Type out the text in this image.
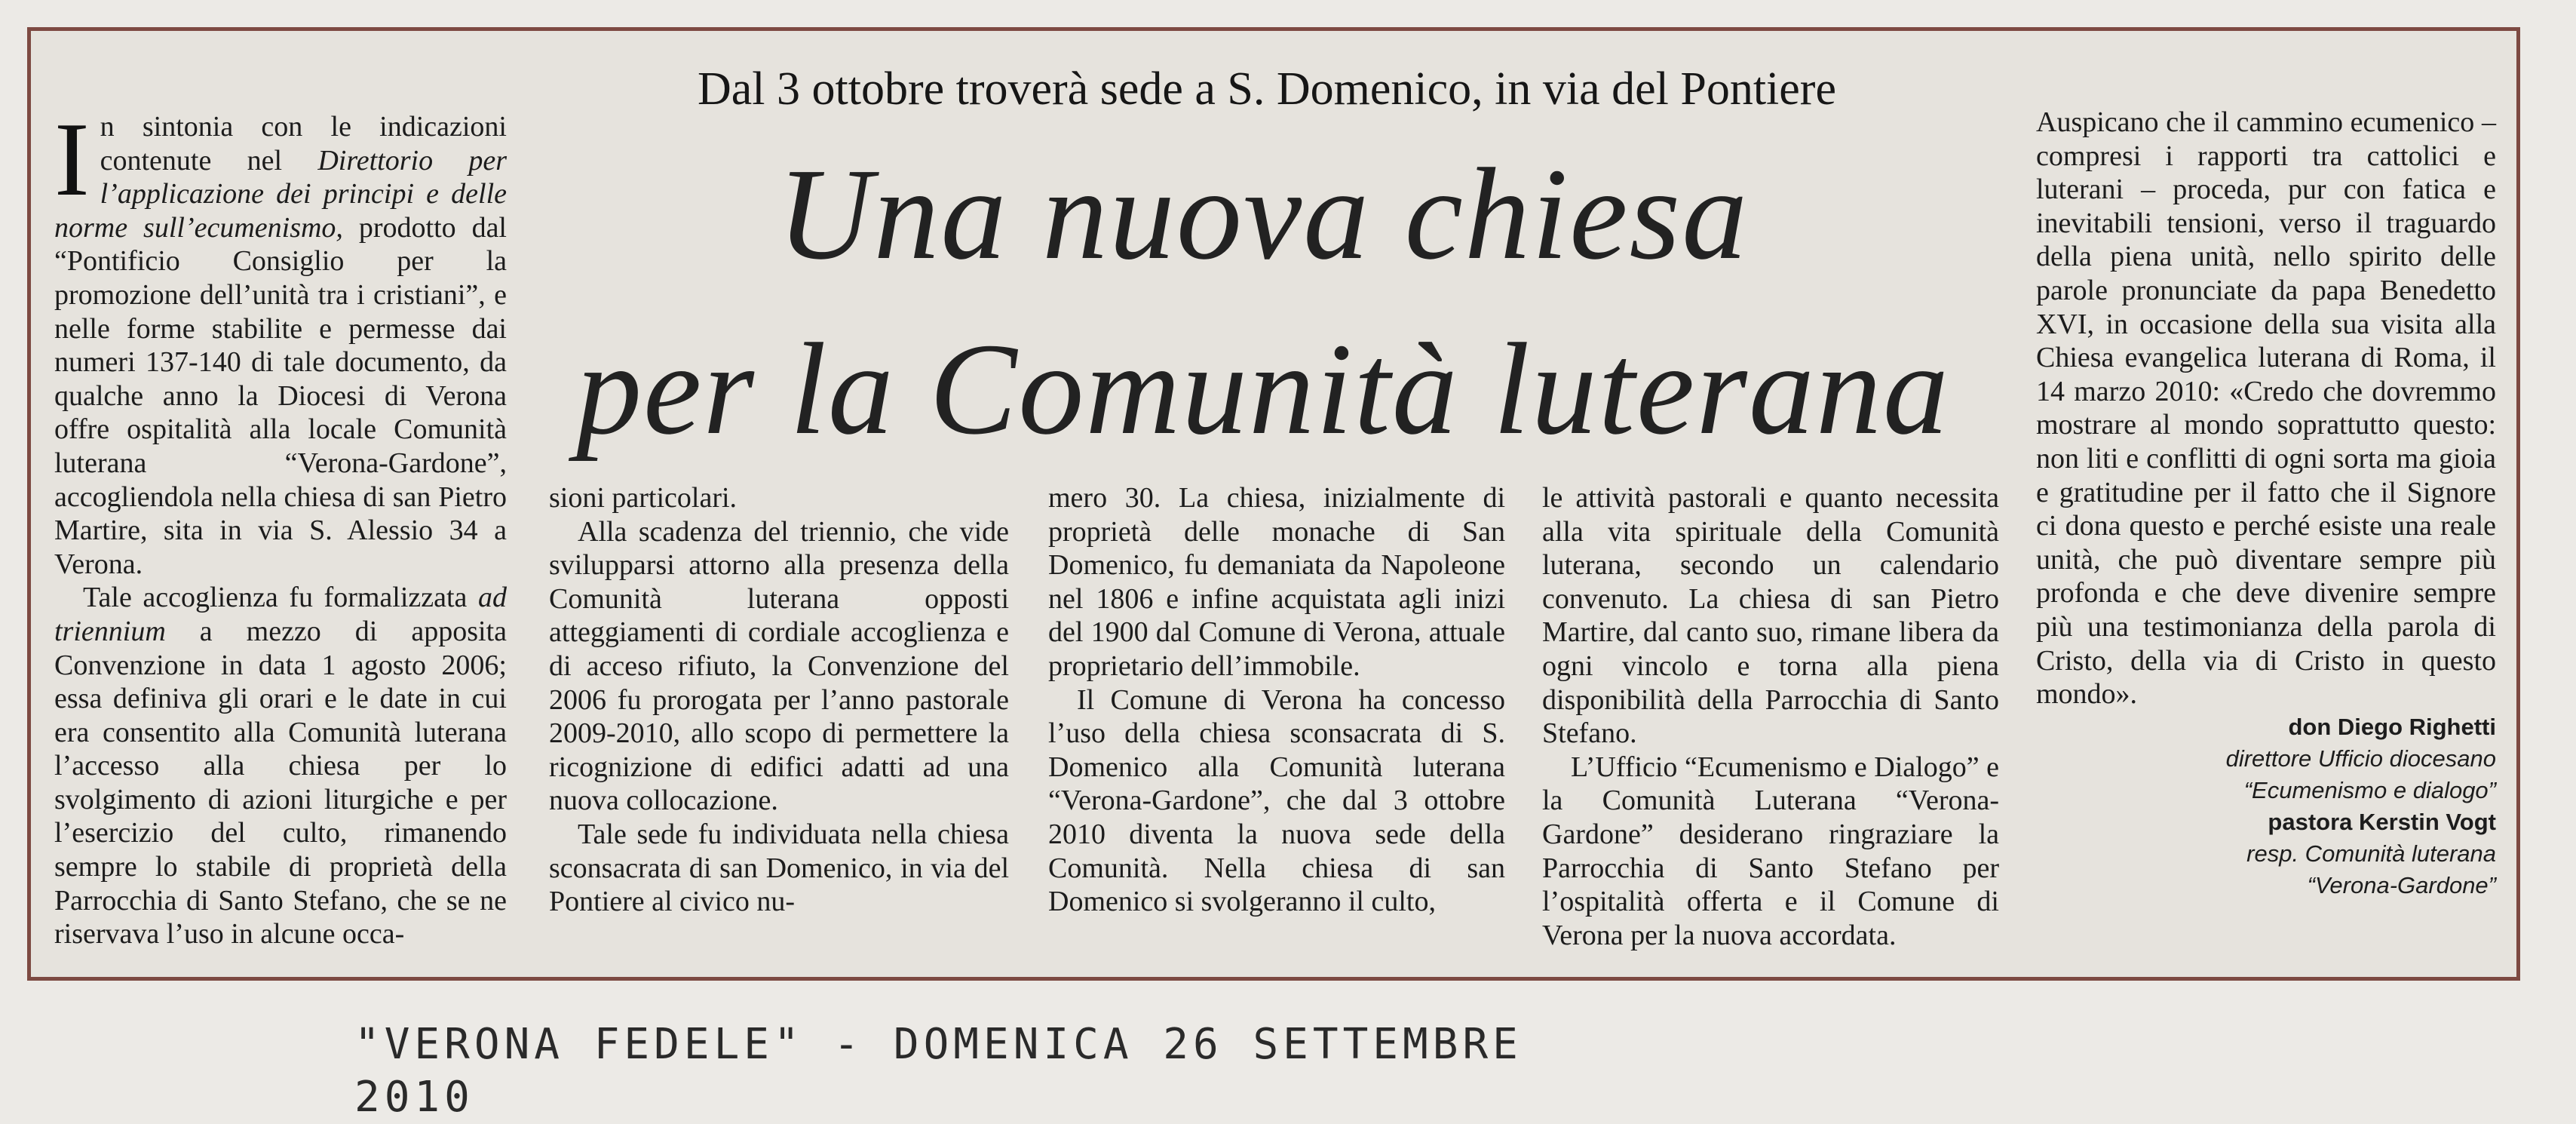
Dal 3 ottobre troverà sede a S. Domenico, in via del Pontiere
Una nuova chiesa
per la Comunità luterana

In sintonia con le indicazioni contenute nel Direttorio per l’applicazione dei principi e delle norme sull’ecumenismo, prodotto dal “Pontificio Consiglio per la promozione dell’unità tra i cristiani”, e nelle forme stabilite e permesse dai numeri 137-140 di tale documento, da qualche anno la Diocesi di Verona offre ospitalità alla locale Comunità luterana “Verona-Gardone”, accogliendola nella chiesa di san Pietro Martire, sita in via S. Alessio 34 a Verona.

Tale accoglienza fu formalizzata ad triennium a mezzo di apposita Convenzione in data 1 agosto 2006; essa definiva gli orari e le date in cui era consentito alla Comunità luterana l’accesso alla chiesa per lo svolgimento di azioni liturgiche e per l’esercizio del culto, rimanendo sempre lo stabile di proprietà della Parrocchia di Santo Stefano, che se ne riservava l’uso in alcune occa-

sioni particolari.

Alla scadenza del triennio, che vide svilupparsi attorno alla presenza della Comunità luterana opposti atteggiamenti di cordiale accoglienza e di acceso rifiuto, la Convenzione del 2006 fu prorogata per l’anno pastorale 2009-2010, allo scopo di permettere la ricognizione di edifici adatti ad una nuova collocazione.

Tale sede fu individuata nella chiesa sconsacrata di san Domenico, in via del Pontiere al civico nu-

mero 30. La chiesa, inizialmente di proprietà delle monache di San Domenico, fu demaniata da Napoleone nel 1806 e infine acquistata agli inizi del 1900 dal Comune di Verona, attuale proprietario dell’immobile.

Il Comune di Verona ha concesso l’uso della chiesa sconsacrata di S. Domenico alla Comunità luterana “Verona-Gardone”, che dal 3 ottobre 2010 diventa la nuova sede della Comunità. Nella chiesa di san Domenico si svolgeranno il culto,

le attività pastorali e quanto necessita alla vita spirituale della Comunità luterana, secondo un calendario convenuto. La chiesa di san Pietro Martire, dal canto suo, rimane libera da ogni vincolo e torna alla piena disponibilità della Parrocchia di Santo Stefano.

L’Ufficio “Ecumenismo e Dialogo” e la Comunità Luterana “Verona-Gardone” desiderano ringraziare la Parrocchia di Santo Stefano per l’ospitalità offerta e il Comune di Verona per la nuova accordata.

Auspicano che il cammino ecumenico – compresi i rapporti tra cattolici e luterani – proceda, pur con fatica e inevitabili tensioni, verso il traguardo della piena unità, nello spirito delle parole pronunciate da papa Benedetto XVI, in occasione della sua visita alla Chiesa evangelica luterana di Roma, il 14 marzo 2010: «Credo che dovremmo mostrare al mondo soprattutto questo: non liti e conflitti di ogni sorta ma gioia e gratitudine per il fatto che il Signore ci dona questo e perché esiste una reale unità, che può diventare sempre più profonda e che deve divenire sempre più una testimonianza della parola di Cristo, della via di Cristo in questo mondo».

don Diego Righetti
direttore Ufficio diocesano
“Ecumenismo e dialogo”
pastora Kerstin Vogt
resp. Comunità luterana
“Verona-Gardone”
"VERONA FEDELE" - DOMENICA 26 SETTEMBRE 2010
